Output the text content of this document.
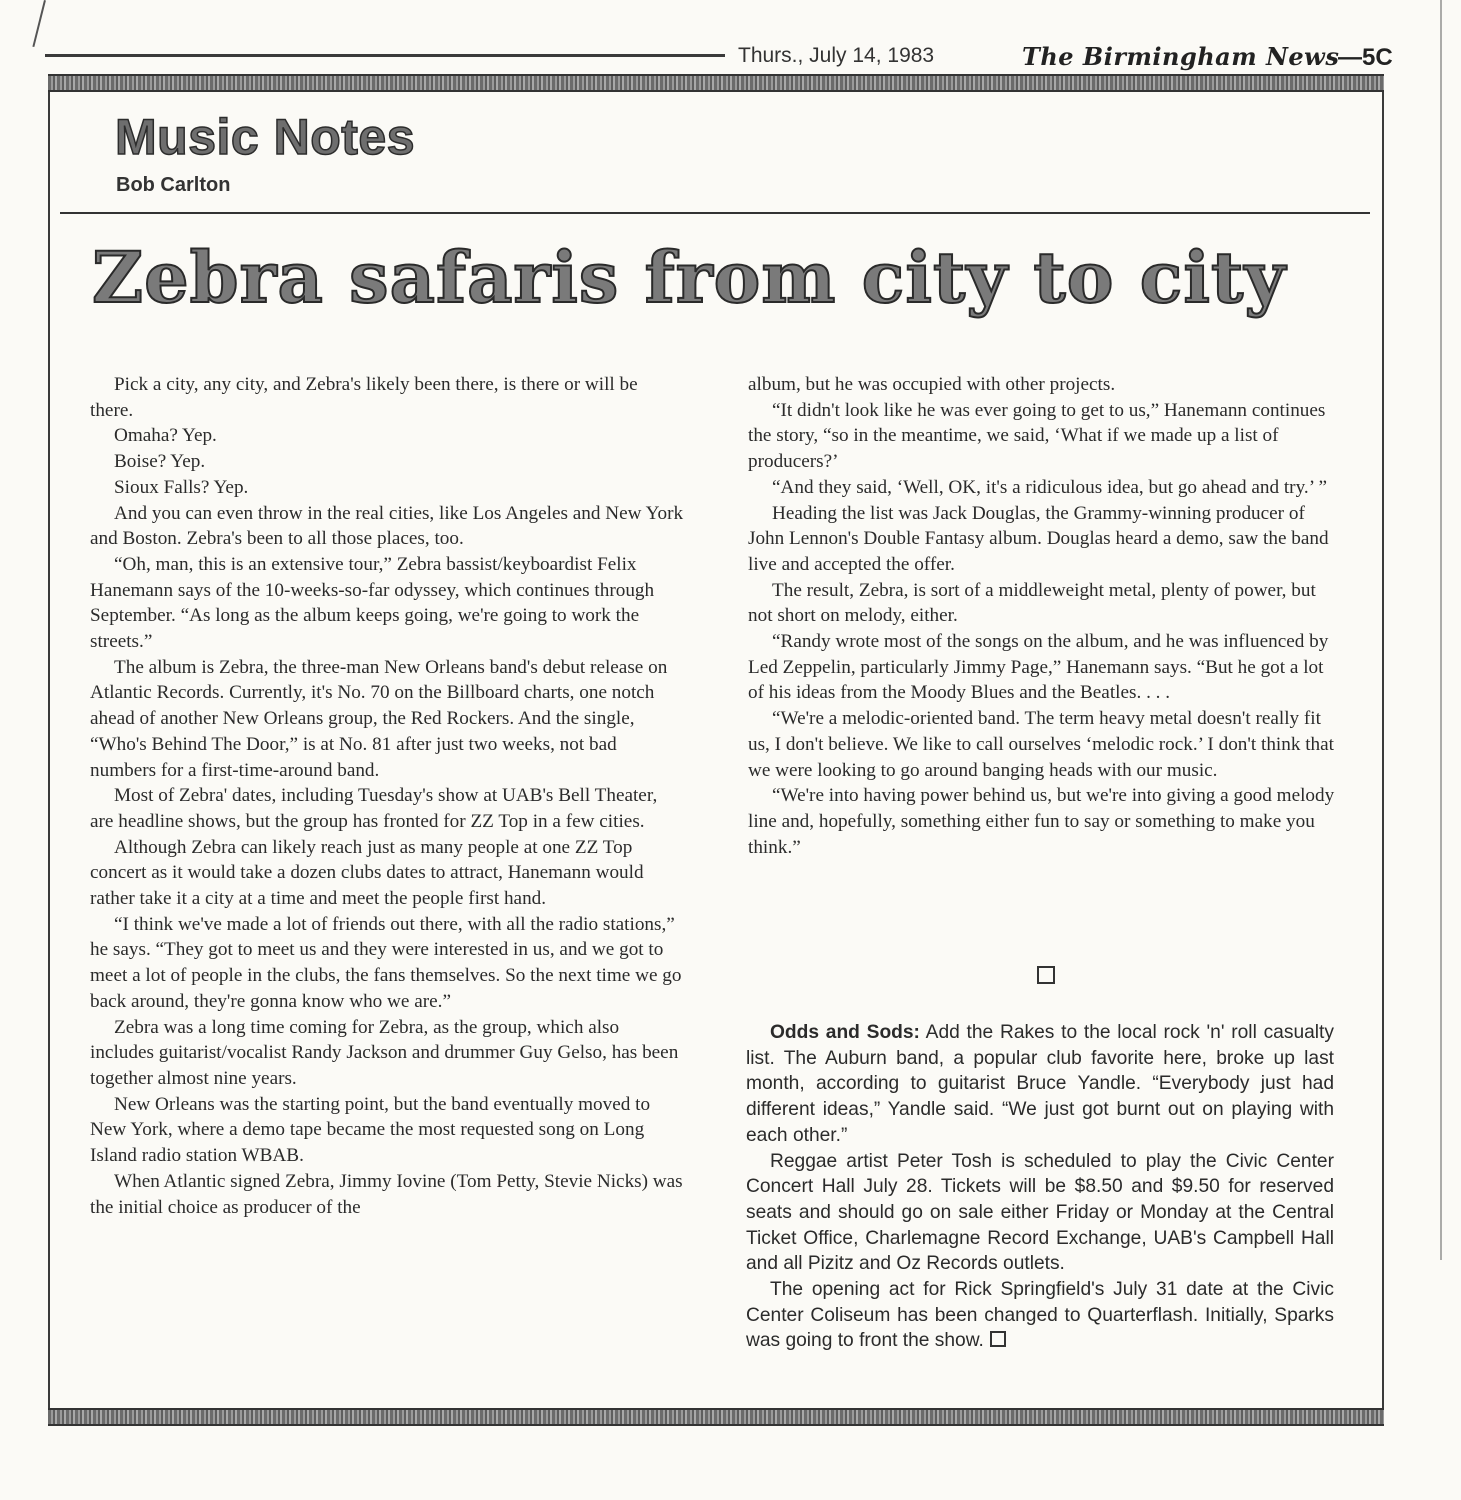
Thurs., July 14, 1983	The Birmingham News
—5C
Music Notes
Bob Carlton
Zebra safaris from city to city

Pick a city, any city, and Zebra's likely been there, is there or will be there.

Omaha? Yep.

Boise? Yep.

Sioux Falls? Yep.

And you can even throw in the real cities, like Los Angeles and New York and Boston. Zebra's been to all those places, too.

“Oh, man, this is an extensive tour,” Zebra bassist/keyboardist Felix Hanemann says of the 10-weeks-so-far odyssey, which continues through September. “As long as the album keeps going, we're going to work the streets.”

The album is Zebra, the three-man New Orleans band's debut release on Atlantic Records. Currently, it's No. 70 on the Billboard charts, one notch ahead of another New Orleans group, the Red Rockers. And the single, “Who's Behind The Door,” is at No. 81 after just two weeks, not bad numbers for a first-time-around band.

Most of Zebra' dates, including Tuesday's show at UAB's Bell Theater, are headline shows, but the group has fronted for ZZ Top in a few cities.

Although Zebra can likely reach just as many people at one ZZ Top concert as it would take a dozen clubs dates to attract, Hanemann would rather take it a city at a time and meet the people first hand.

“I think we've made a lot of friends out there, with all the radio stations,” he says. “They got to meet us and they were interested in us, and we got to meet a lot of people in the clubs, the fans themselves. So the next time we go back around, they're gonna know who we are.”

Zebra was a long time coming for Zebra, as the group, which also includes guitarist/vocalist Randy Jackson and drummer Guy Gelso, has been together almost nine years.

New Orleans was the starting point, but the band eventually moved to New York, where a demo tape became the most requested song on Long Island radio station WBAB.

When Atlantic signed Zebra, Jimmy Iovine (Tom Petty, Stevie Nicks) was the initial choice as producer of the

album, but he was occupied with other projects.

“It didn't look like he was ever going to get to us,” Hanemann continues the story, “so in the meantime, we said, ‘What if we made up a list of producers?’

“And they said, ‘Well, OK, it's a ridiculous idea, but go ahead and try.’ ”

Heading the list was Jack Douglas, the Grammy-winning producer of John Lennon's Double Fantasy album. Douglas heard a demo, saw the band live and accepted the offer.

The result, Zebra, is sort of a middleweight metal, plenty of power, but not short on melody, either.

“Randy wrote most of the songs on the album, and he was influenced by Led Zeppelin, particularly Jimmy Page,” Hanemann says. “But he got a lot of his ideas from the Moody Blues and the Beatles. . . .

“We're a melodic-oriented band. The term heavy metal doesn't really fit us, I don't believe. We like to call ourselves ‘melodic rock.’ I don't think that we were looking to go around banging heads with our music.

“We're into having power behind us, but we're into giving a good melody line and, hopefully, something either fun to say or something to make you think.”

Odds and Sods: Add the Rakes to the local rock 'n' roll casualty list. The Auburn band, a popular club favorite here, broke up last month, according to guitarist Bruce Yandle. “Everybody just had different ideas,” Yandle said. “We just got burnt out on playing with each other.”

Reggae artist Peter Tosh is scheduled to play the Civic Center Concert Hall July 28. Tickets will be $8.50 and $9.50 for reserved seats and should go on sale either Friday or Monday at the Central Ticket Office, Charlemagne Record Exchange, UAB's Campbell Hall and all Pizitz and Oz Records outlets.

The opening act for Rick Springfield's July 31 date at the Civic Center Coliseum has been changed to Quarterflash. Initially, Sparks was going to front the show.
